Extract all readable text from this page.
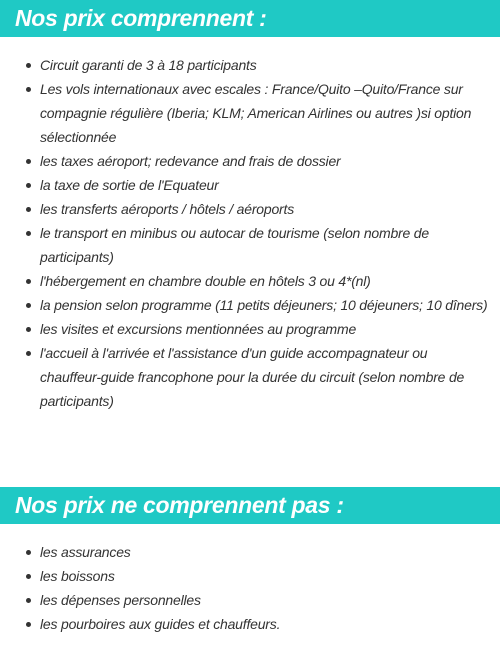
Nos prix comprennent :
Circuit garanti de 3 à 18 participants
Les vols internationaux avec escales : France/Quito –Quito/France sur compagnie régulière (Iberia; KLM; American Airlines ou autres )si option sélectionnée
les taxes aéroport; redevance and frais de dossier
la taxe de sortie de l'Equateur
les transferts aéroports / hôtels / aéroports
le transport en minibus ou autocar de tourisme (selon nombre de participants)
l'hébergement en chambre double en hôtels 3 ou 4*(nl)
la pension selon programme (11 petits déjeuners; 10 déjeuners; 10 dîners)
les visites et excursions mentionnées au programme
l'accueil à l'arrivée et l'assistance d'un guide accompagnateur ou chauffeur-guide francophone pour la durée du circuit (selon nombre de participants)
Nos prix ne comprennent pas :
les assurances
les boissons
les dépenses personnelles
les pourboires aux guides et chauffeurs.
